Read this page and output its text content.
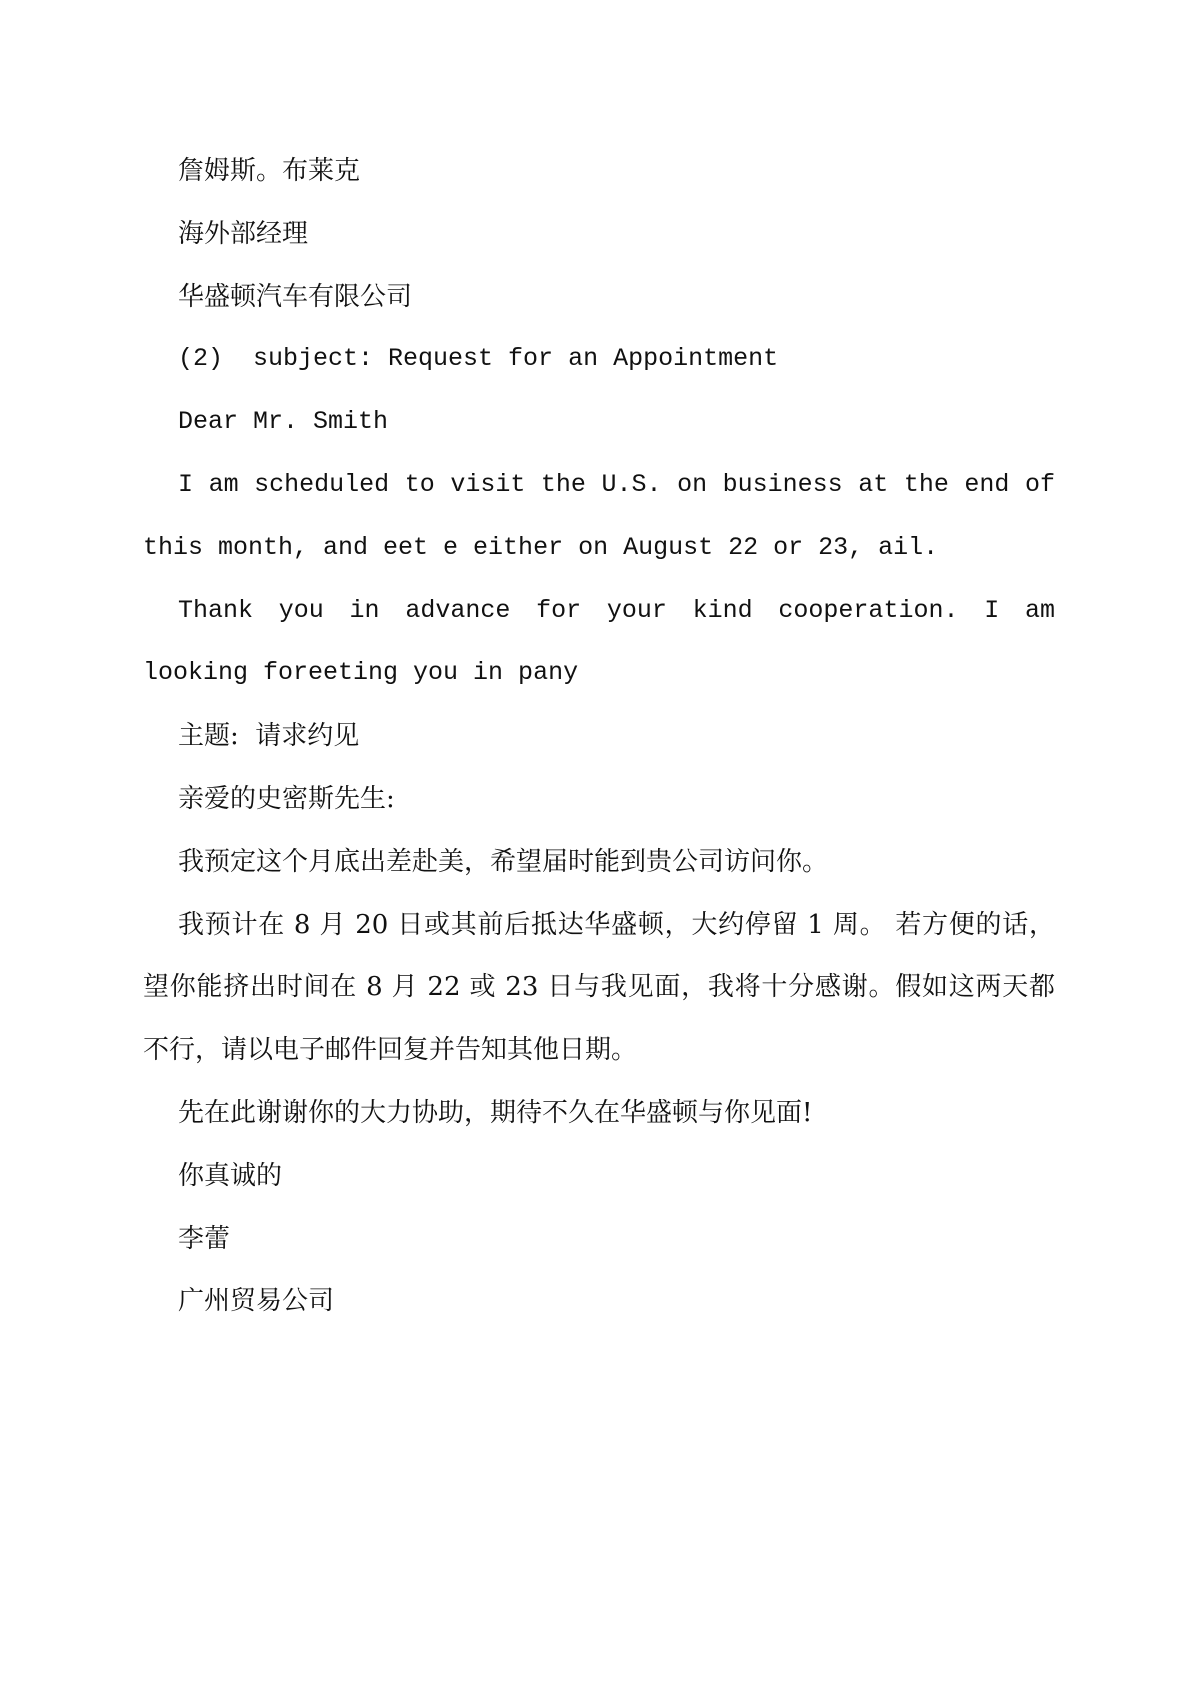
詹姆斯。布莱克

海外部经理

华盛顿汽车有限公司

(2)  subject: Request for an Appointment

Dear Mr. Smith

I am scheduled to visit the U.S. on business at the end of this month, and eet e either on August 22 or 23, ail.

Thank you in advance for your kind cooperation. I am looking foreeting you in pany

主题:  请求约见

亲爱的史密斯先生:

我预定这个月底出差赴美，希望届时能到贵公司访问你。

我预计在 8 月 20 日或其前后抵达华盛顿，大约停留 1 周。 若方便的话，望你能挤出时间在 8 月 22 或 23 日与我见面，我将十分感谢。假如这两天都不行，请以电子邮件回复并告知其他日期。

先在此谢谢你的大力协助，期待不久在华盛顿与你见面!

你真诚的

李蕾

广州贸易公司
